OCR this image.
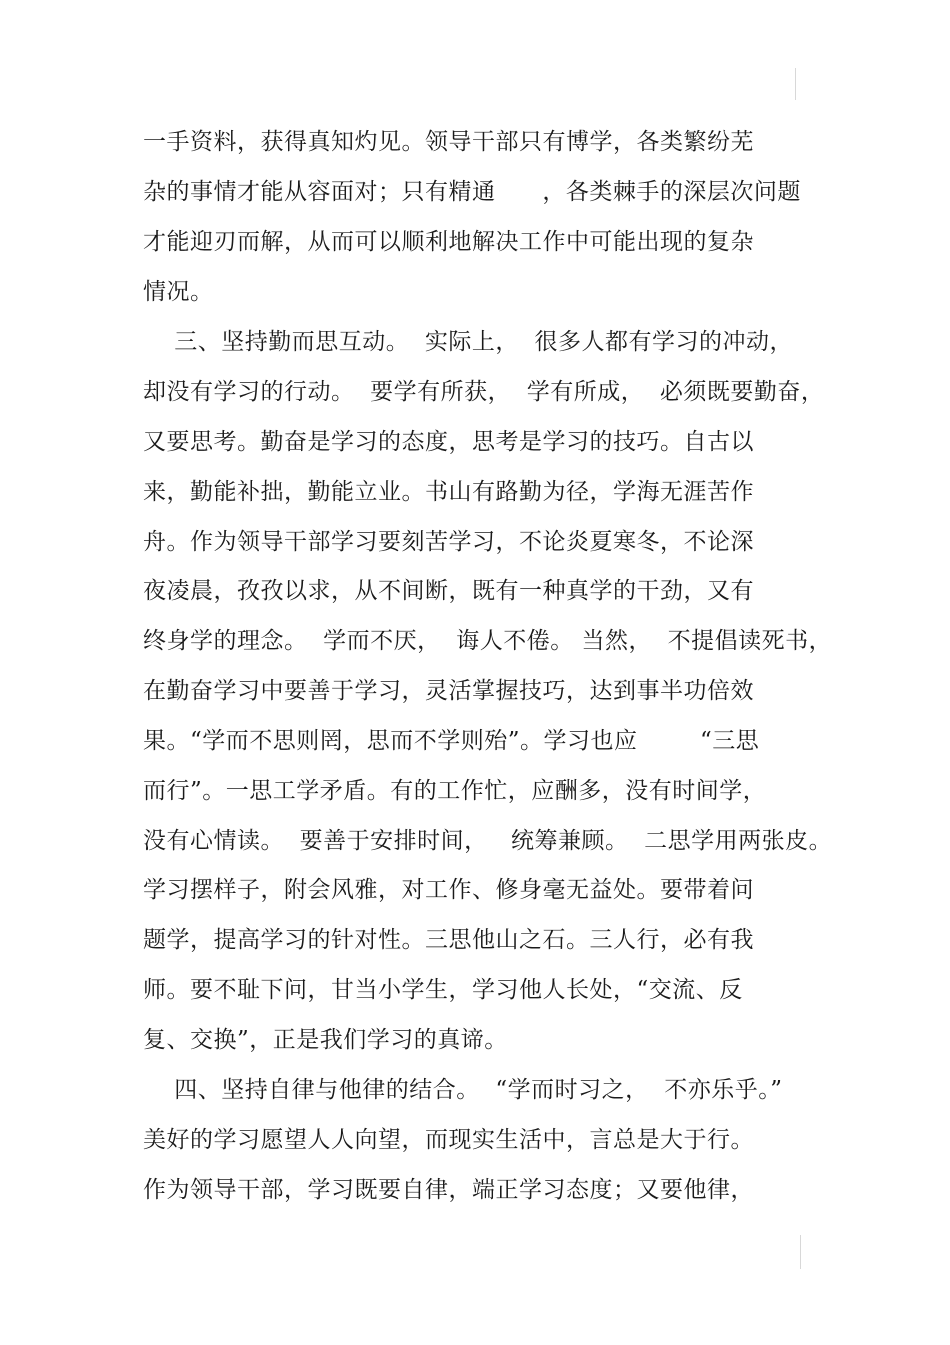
一手资料，获得真知灼见。领导干部只有博学，各类繁纷芜
杂的事情才能从容面对；只有精通      ，各类棘手的深层次问题
才能迎刃而解，从而可以顺利地解决工作中可能出现的复杂
情况。
三、坚持勤而思互动。  实际上，  很多人都有学习的冲动，
却没有学习的行动。  要学有所获，  学有所成，  必须既要勤奋，
又要思考。勤奋是学习的态度，思考是学习的技巧。自古以
来，勤能补拙，勤能立业。书山有路勤为径，学海无涯苦作
舟。作为领导干部学习要刻苦学习，不论炎夏寒冬，不论深
夜凌晨，孜孜以求，从不间断，既有一种真学的干劲，又有
终身学的理念。  学而不厌，  诲人不倦。 当然，  不提倡读死书，
在勤奋学习中要善于学习，灵活掌握技巧，达到事半功倍效
果。“学而不思则罔，思而不学则殆”。学习也应        “三思
而行”。一思工学矛盾。有的工作忙，应酬多，没有时间学，
没有心情读。  要善于安排时间，   统筹兼顾。  二思学用两张皮。
学习摆样子，附会风雅，对工作、修身毫无益处。要带着问
题学，提高学习的针对性。三思他山之石。三人行，必有我
师。要不耻下问，甘当小学生，学习他人长处，“交流、反
复、交换”，正是我们学习的真谛。
四、坚持自律与他律的结合。  “学而时习之，  不亦乐乎。”
美好的学习愿望人人向望，而现实生活中，言总是大于行。
作为领导干部，学习既要自律，端正学习态度；又要他律，
